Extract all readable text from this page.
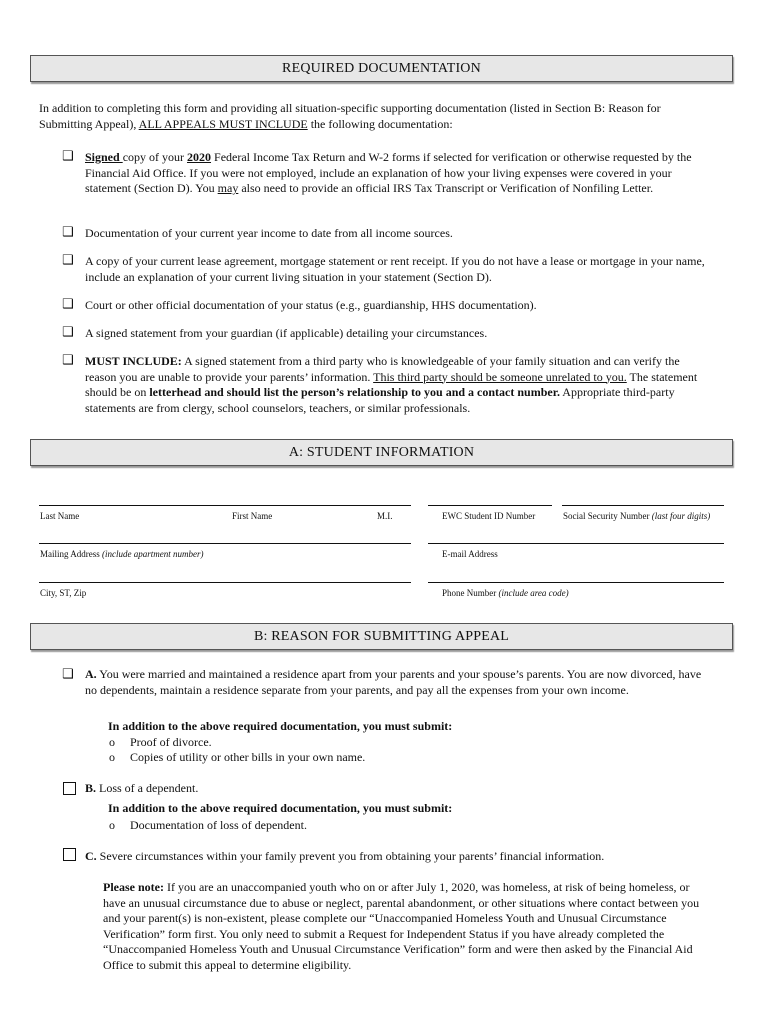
REQUIRED DOCUMENTATION
In addition to completing this form and providing all situation-specific supporting documentation (listed in Section B: Reason for Submitting Appeal), ALL APPEALS MUST INCLUDE the following documentation:
❑ Signed copy of your 2020 Federal Income Tax Return and W-2 forms if selected for verification or otherwise requested by the Financial Aid Office. If you were not employed, include an explanation of how your living expenses were covered in your statement (Section D). You may also need to provide an official IRS Tax Transcript or Verification of Nonfiling Letter.
❑ Documentation of your current year income to date from all income sources.
❑ A copy of your current lease agreement, mortgage statement or rent receipt. If you do not have a lease or mortgage in your name, include an explanation of your current living situation in your statement (Section D).
❑ Court or other official documentation of your status (e.g., guardianship, HHS documentation).
❑ A signed statement from your guardian (if applicable) detailing your circumstances.
❑ MUST INCLUDE: A signed statement from a third party who is knowledgeable of your family situation and can verify the reason you are unable to provide your parents’ information. This third party should be someone unrelated to you. The statement should be on letterhead and should list the person’s relationship to you and a contact number. Appropriate third-party statements are from clergy, school counselors, teachers, or similar professionals.
A: STUDENT INFORMATION
Last Name	First Name	M.I.	EWC Student ID Number	Social Security Number (last four digits)
Mailing Address (include apartment number)	E-mail Address
City, ST, Zip	Phone Number (include area code)
B: REASON FOR SUBMITTING APPEAL
❑ A. You were married and maintained a residence apart from your parents and your spouse’s parents. You are now divorced, have no dependents, maintain a residence separate from your parents, and pay all the expenses from your own income.
In addition to the above required documentation, you must submit:
o Proof of divorce.
o Copies of utility or other bills in your own name.
B. Loss of a dependent.
In addition to the above required documentation, you must submit:
o Documentation of loss of dependent.
C. Severe circumstances within your family prevent you from obtaining your parents’ financial information.
Please note: If you are an unaccompanied youth who on or after July 1, 2020, was homeless, at risk of being homeless, or have an unusual circumstance due to abuse or neglect, parental abandonment, or other situations where contact between you and your parent(s) is non-existent, please complete our “Unaccompanied Homeless Youth and Unusual Circumstance Verification” form first. You only need to submit a Request for Independent Status if you have already completed the “Unaccompanied Homeless Youth and Unusual Circumstance Verification” form and were then asked by the Financial Aid Office to submit this appeal to determine eligibility.
